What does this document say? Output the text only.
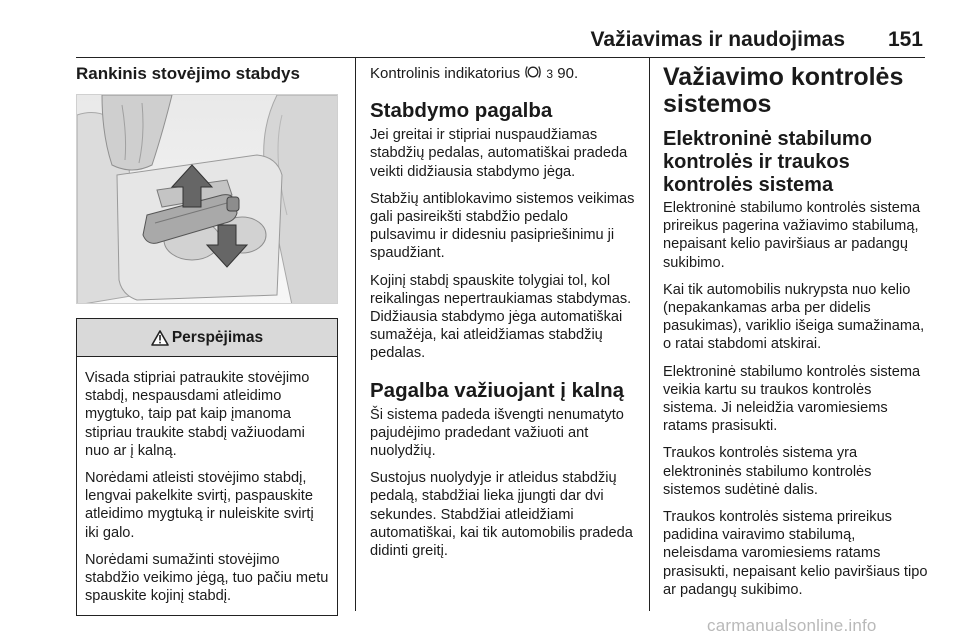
Važiavimas ir naudojimas 151
Rankinis stovėjimo stabdys
Perspėjimas

Visada stipriai patraukite stovėjimo stabdį, nespausdami atleidimo mygtuko, taip pat kaip įmanoma stipriau traukite stabdį važiuodami nuo ar į kalną.

Norėdami atleisti stovėjimo stabdį, lengvai pakelkite svirtį, paspauskite atleidimo mygtuką ir nuleiskite svirtį iki galo.

Norėdami sumažinti stovėjimo stabdžio veikimo jėgą, tuo pačiu metu spauskite kojinį stabdį.

Kontrolinis indikatorius 3 90.

Stabdymo pagalba

Jei greitai ir stipriai nuspaudžiamas stabdžių pedalas, automatiškai pradeda veikti didžiausia stabdymo jėga.

Stabžių antiblokavimo sistemos veikimas gali pasireikšti stabdžio pedalo pulsavimu ir didesniu pasipriešinimu ji spaudžiant.

Kojinį stabdį spauskite tolygiai tol, kol reikalingas nepertraukiamas stabdymas. Didžiausia stabdymo jėga automatiškai sumažėja, kai atleidžiamas stabdžių pedalas.

Pagalba važiuojant į kalną

Ši sistema padeda išvengti nenumatyto pajudėjimo pradedant važiuoti ant nuolydžių.

Sustojus nuolydyje ir atleidus stabdžių pedalą, stabdžiai lieka įjungti dar dvi sekundes. Stabdžiai atleidžiami automatiškai, kai tik automobilis pradeda didinti greitį.

Važiavimo kontrolės sistemos
Elektroninė stabilumo kontrolės ir traukos kontrolės sistema

Elektroninė stabilumo kontrolės sistema prireikus pagerina važiavimo stabilumą, nepaisant kelio paviršiaus ar padangų sukibimo.

Kai tik automobilis nukrypsta nuo kelio (nepakankamas arba per didelis pasukimas), variklio išeiga sumažinama, o ratai stabdomi atskirai.

Elektroninė stabilumo kontrolės sistema veikia kartu su traukos kontrolės sistema. Ji neleidžia varomiesiems ratams prasisukti.

Traukos kontrolės sistema yra elektroninės stabilumo kontrolės sistemos sudėtinė dalis.

Traukos kontrolės sistema prireikus padidina vairavimo stabilumą, neleisdama varomiesiems ratams prasisukti, nepaisant kelio paviršiaus tipo ar padangų sukibimo.

carmanualsonline.info
